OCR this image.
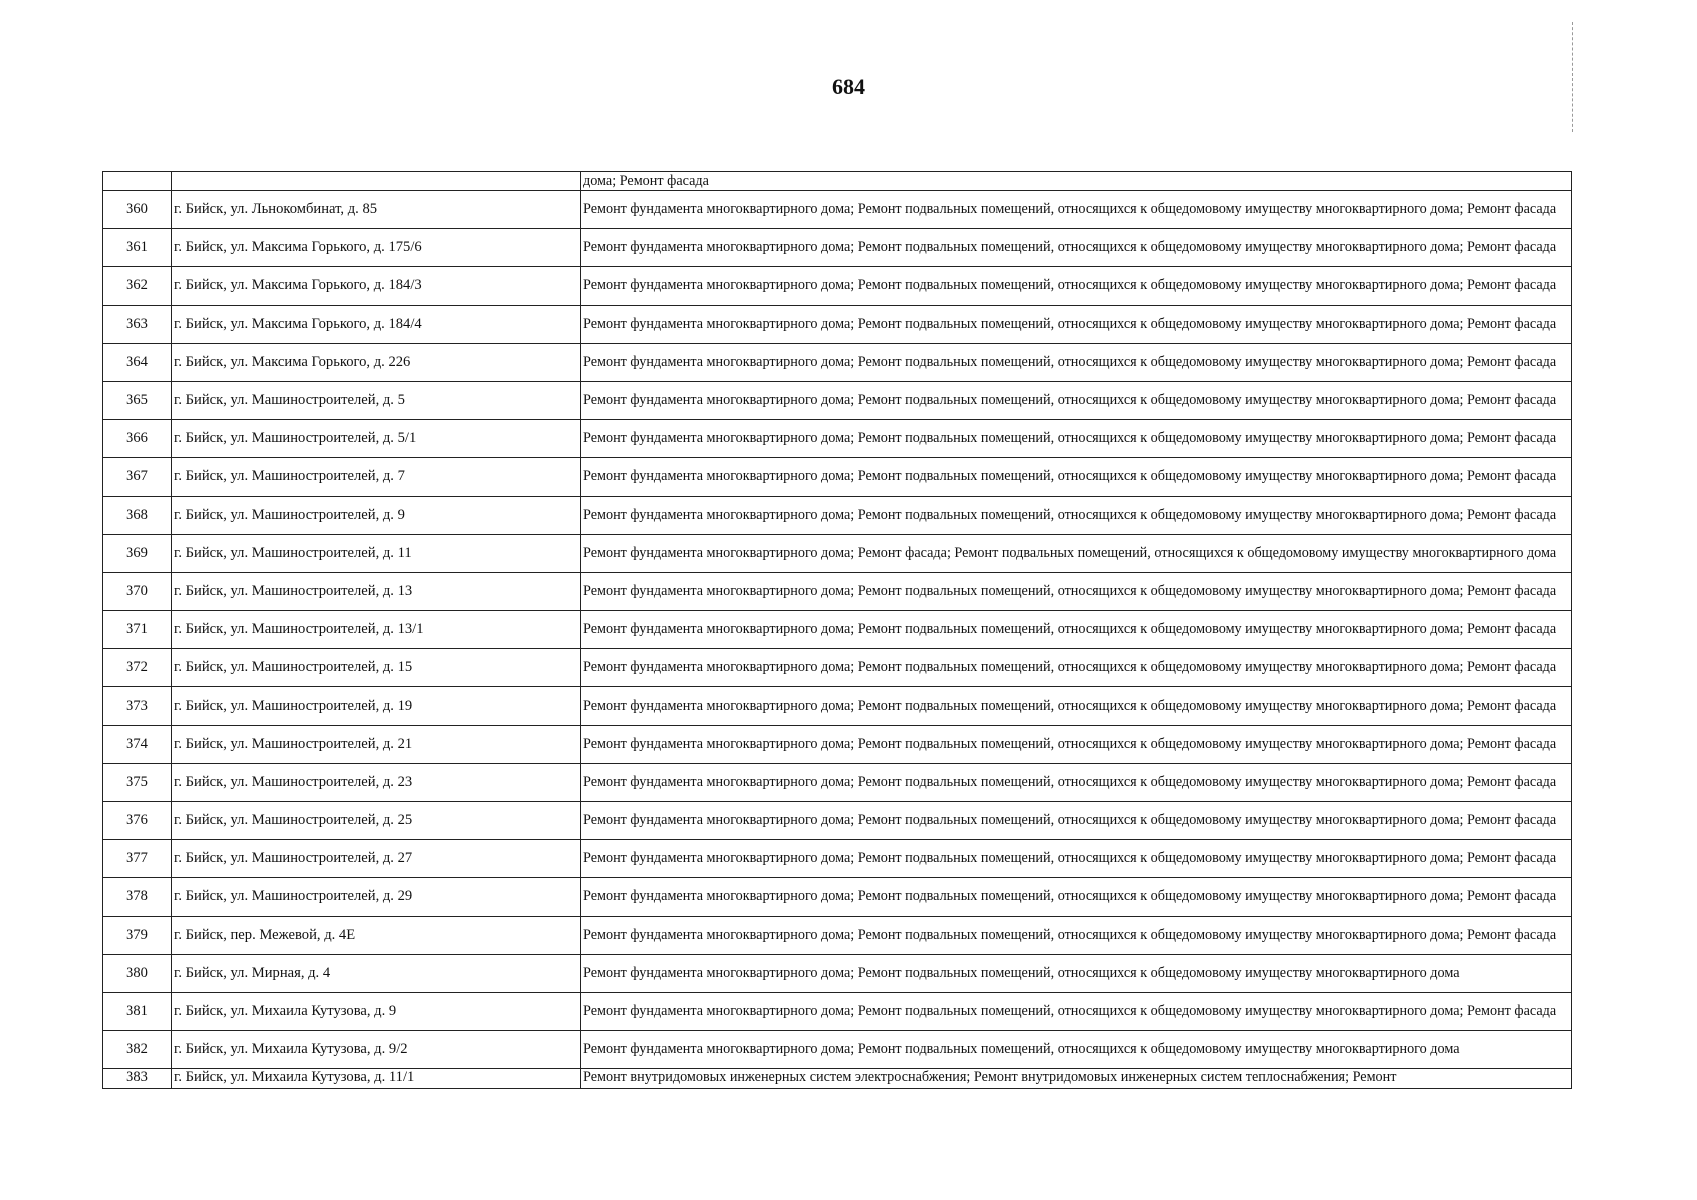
684
		дома; Ремонт фасада
360	г. Бийск, ул. Льнокомбинат, д. 85	Ремонт фундамента многоквартирного дома; Ремонт подвальных помещений, относящихся к общедомовому имуществу многоквартирного дома; Ремонт фасада
361	г. Бийск, ул. Максима Горького, д. 175/6	Ремонт фундамента многоквартирного дома; Ремонт подвальных помещений, относящихся к общедомовому имуществу многоквартирного дома; Ремонт фасада
362	г. Бийск, ул. Максима Горького, д. 184/3	Ремонт фундамента многоквартирного дома; Ремонт подвальных помещений, относящихся к общедомовому имуществу многоквартирного дома; Ремонт фасада
363	г. Бийск, ул. Максима Горького, д. 184/4	Ремонт фундамента многоквартирного дома; Ремонт подвальных помещений, относящихся к общедомовому имуществу многоквартирного дома; Ремонт фасада
364	г. Бийск, ул. Максима Горького, д. 226	Ремонт фундамента многоквартирного дома; Ремонт подвальных помещений, относящихся к общедомовому имуществу многоквартирного дома; Ремонт фасада
365	г. Бийск, ул. Машиностроителей, д. 5	Ремонт фундамента многоквартирного дома; Ремонт подвальных помещений, относящихся к общедомовому имуществу многоквартирного дома; Ремонт фасада
366	г. Бийск, ул. Машиностроителей, д. 5/1	Ремонт фундамента многоквартирного дома; Ремонт подвальных помещений, относящихся к общедомовому имуществу многоквартирного дома; Ремонт фасада
367	г. Бийск, ул. Машиностроителей, д. 7	Ремонт фундамента многоквартирного дома; Ремонт подвальных помещений, относящихся к общедомовому имуществу многоквартирного дома; Ремонт фасада
368	г. Бийск, ул. Машиностроителей, д. 9	Ремонт фундамента многоквартирного дома; Ремонт подвальных помещений, относящихся к общедомовому имуществу многоквартирного дома; Ремонт фасада
369	г. Бийск, ул. Машиностроителей, д. 11	Ремонт фундамента многоквартирного дома; Ремонт фасада; Ремонт подвальных помещений, относящихся к общедомовому имуществу многоквартирного дома
370	г. Бийск, ул. Машиностроителей, д. 13	Ремонт фундамента многоквартирного дома; Ремонт подвальных помещений, относящихся к общедомовому имуществу многоквартирного дома; Ремонт фасада
371	г. Бийск, ул. Машиностроителей, д. 13/1	Ремонт фундамента многоквартирного дома; Ремонт подвальных помещений, относящихся к общедомовому имуществу многоквартирного дома; Ремонт фасада
372	г. Бийск, ул. Машиностроителей, д. 15	Ремонт фундамента многоквартирного дома; Ремонт подвальных помещений, относящихся к общедомовому имуществу многоквартирного дома; Ремонт фасада
373	г. Бийск, ул. Машиностроителей, д. 19	Ремонт фундамента многоквартирного дома; Ремонт подвальных помещений, относящихся к общедомовому имуществу многоквартирного дома; Ремонт фасада
374	г. Бийск, ул. Машиностроителей, д. 21	Ремонт фундамента многоквартирного дома; Ремонт подвальных помещений, относящихся к общедомовому имуществу многоквартирного дома; Ремонт фасада
375	г. Бийск, ул. Машиностроителей, д. 23	Ремонт фундамента многоквартирного дома; Ремонт подвальных помещений, относящихся к общедомовому имуществу многоквартирного дома; Ремонт фасада
376	г. Бийск, ул. Машиностроителей, д. 25	Ремонт фундамента многоквартирного дома; Ремонт подвальных помещений, относящихся к общедомовому имуществу многоквартирного дома; Ремонт фасада
377	г. Бийск, ул. Машиностроителей, д. 27	Ремонт фундамента многоквартирного дома; Ремонт подвальных помещений, относящихся к общедомовому имуществу многоквартирного дома; Ремонт фасада
378	г. Бийск, ул. Машиностроителей, д. 29	Ремонт фундамента многоквартирного дома; Ремонт подвальных помещений, относящихся к общедомовому имуществу многоквартирного дома; Ремонт фасада
379	г. Бийск, пер. Межевой, д. 4Е	Ремонт фундамента многоквартирного дома; Ремонт подвальных помещений, относящихся к общедомовому имуществу многоквартирного дома; Ремонт фасада
380	г. Бийск, ул. Мирная, д. 4	Ремонт фундамента многоквартирного дома; Ремонт подвальных помещений, относящихся к общедомовому имуществу многоквартирного дома
381	г. Бийск, ул. Михаила Кутузова, д. 9	Ремонт фундамента многоквартирного дома; Ремонт подвальных помещений, относящихся к общедомовому имуществу многоквартирного дома; Ремонт фасада
382	г. Бийск, ул. Михаила Кутузова, д. 9/2	Ремонт фундамента многоквартирного дома; Ремонт подвальных помещений, относящихся к общедомовому имуществу многоквартирного дома
383	г. Бийск, ул. Михаила Кутузова, д. 11/1	Ремонт внутридомовых инженерных систем электроснабжения; Ремонт внутридомовых инженерных систем теплоснабжения; Ремонт
